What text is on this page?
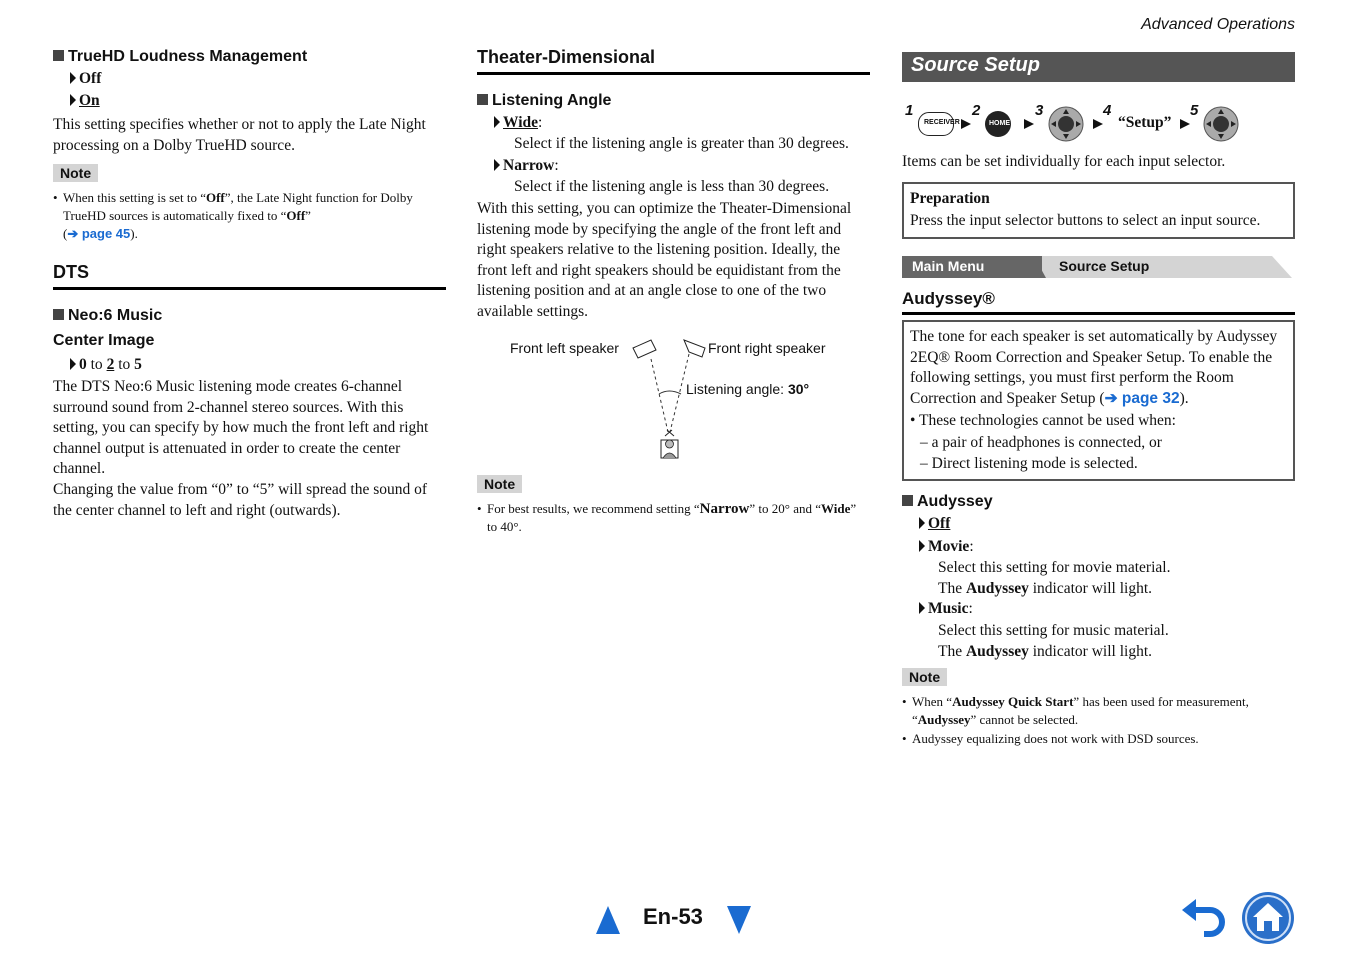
Advanced Operations
TrueHD Loudness Management
Off
On
This setting specifies whether or not to apply the Late Night processing on a Dolby TrueHD source.
Note
• When this setting is set to “Off”, the Late Night function for Dolby TrueHD sources is automatically fixed to “Off”
(➔ page 45).
DTS
Neo:6 Music
Center Image
0 to 2 to 5
The DTS Neo:6 Music listening mode creates 6-channel surround sound from 2-channel stereo sources. With this setting, you can specify by how much the front left and right channel output is attenuated in order to create the center channel.
Changing the value from “0” to “5” will spread the sound of the center channel to left and right (outwards).
Theater-Dimensional
Listening Angle
Wide:
Select if the listening angle is greater than 30 degrees.
Narrow:
Select if the listening angle is less than 30 degrees.
With this setting, you can optimize the Theater-Dimensional listening mode by specifying the angle of the front left and right speakers relative to the listening position. Ideally, the front left and right speakers should be equidistant from the listening position and at an angle close to one of the two available settings.
Front left speaker	Front right speaker
Listening angle: 30°
Note
• For best results, we recommend setting “Narrow” to 20° and “Wide” to 40°.
Source Setup
1
RECEIVER
2
HOME
3	4
“Setup”
5
Items can be set individually for each input selector.
Preparation
Press the input selector buttons to select an input source.
Main Menu	Source Setup
Audyssey®
The tone for each speaker is set automatically by Audyssey 2EQ® Room Correction and Speaker Setup. To enable the following settings, you must first perform the Room Correction and Speaker Setup (➔ page 32).
• These technologies cannot be used when:
– a pair of headphones is connected, or
– Direct listening mode is selected.
Audyssey
Off
Movie:
Select this setting for movie material.
The Audyssey indicator will light.
Music:
Select this setting for music material.
The Audyssey indicator will light.
Note
• When “Audyssey Quick Start” has been used for measurement, “Audyssey” cannot be selected.
• Audyssey equalizing does not work with DSD sources.
En-53
